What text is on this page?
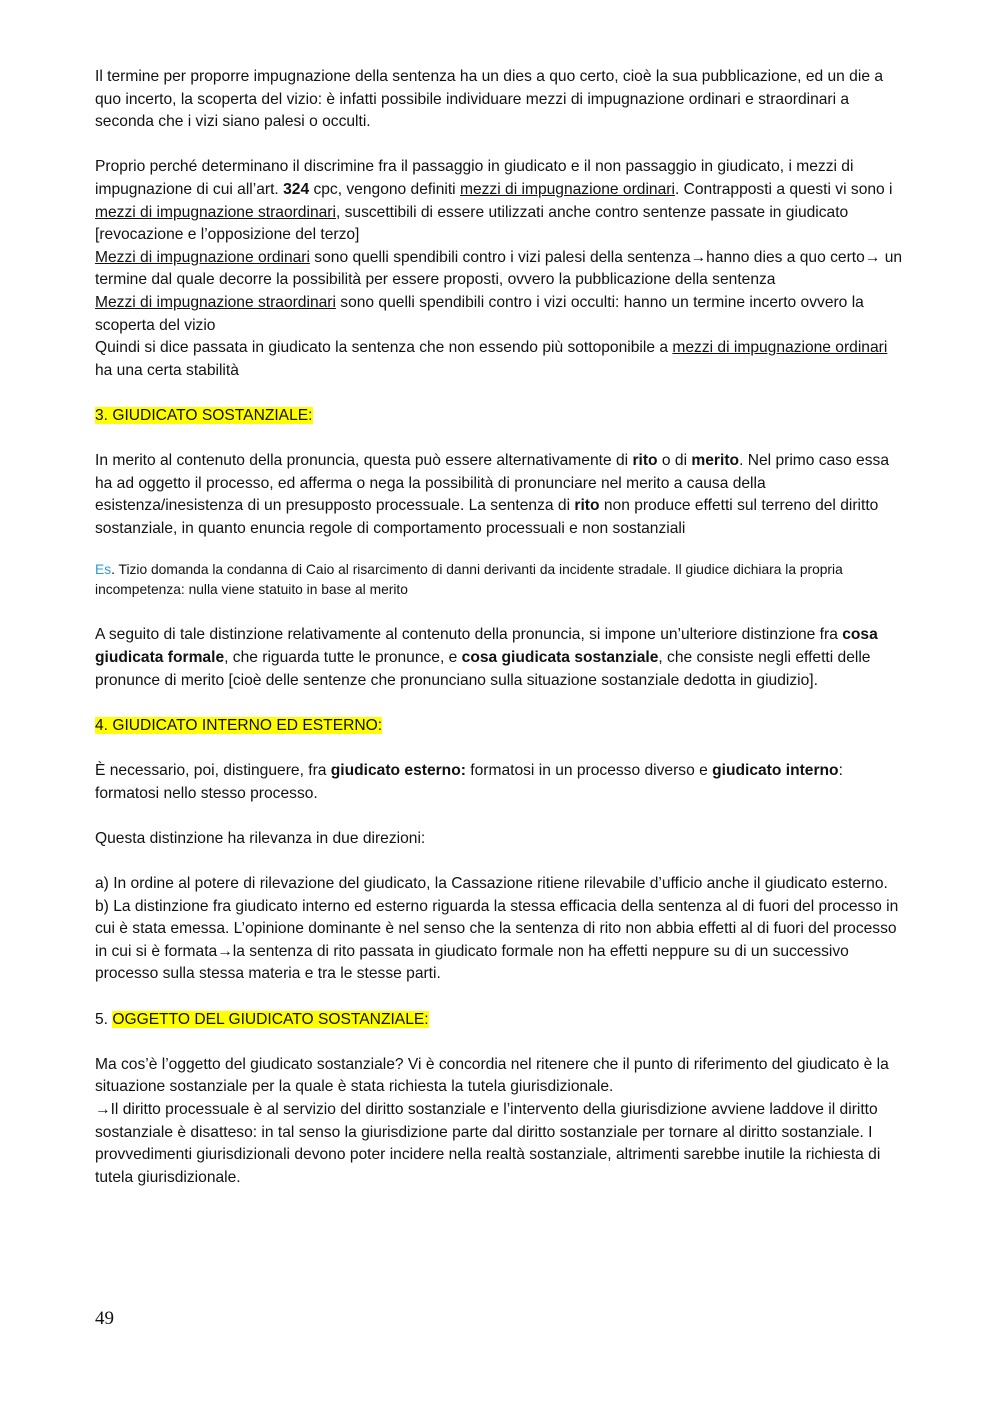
Il termine per proporre impugnazione della sentenza ha un dies a quo certo, cioè la sua pubblicazione, ed un die a quo incerto, la scoperta del vizio: è infatti possibile individuare mezzi di impugnazione ordinari e straordinari a seconda che i vizi siano palesi o occulti.

Proprio perché determinano il discrimine fra il passaggio in giudicato e il non passaggio in giudicato, i mezzi di impugnazione di cui all’art. 324 cpc, vengono definiti mezzi di impugnazione ordinari. Contrapposti a questi vi sono i mezzi di impugnazione straordinari, suscettibili di essere utilizzati anche contro sentenze passate in giudicato [revocazione e l’opposizione del terzo]

Mezzi di impugnazione ordinari sono quelli spendibili contro i vizi palesi della sentenza→hanno dies a quo certo→ un termine dal quale decorre la possibilità per essere proposti, ovvero la pubblicazione della sentenza

Mezzi di impugnazione straordinari sono quelli spendibili contro i vizi occulti: hanno un termine incerto ovvero la scoperta del vizio

Quindi si dice passata in giudicato la sentenza che non essendo più sottoponibile a mezzi di impugnazione ordinari ha una certa stabilità

3. GIUDICATO SOSTANZIALE:

In merito al contenuto della pronuncia, questa può essere alternativamente di rito o di merito. Nel primo caso essa ha ad oggetto il processo, ed afferma o nega la possibilità di pronunciare nel merito a causa della esistenza/inesistenza di un presupposto processuale. La sentenza di rito non produce effetti sul terreno del diritto sostanziale, in quanto enuncia regole di comportamento processuali e non sostanziali

Es. Tizio domanda la condanna di Caio al risarcimento di danni derivanti da incidente stradale. Il giudice dichiara la propria incompetenza: nulla viene statuito in base al merito

A seguito di tale distinzione relativamente al contenuto della pronuncia, si impone un’ulteriore distinzione fra cosa giudicata formale, che riguarda tutte le pronunce, e cosa giudicata sostanziale, che consiste negli effetti delle pronunce di merito [cioè delle sentenze che pronunciano sulla situazione sostanziale dedotta in giudizio].

4. GIUDICATO INTERNO ED ESTERNO:

È necessario, poi, distinguere, fra giudicato esterno: formatosi in un processo diverso e giudicato interno: formatosi nello stesso processo.

Questa distinzione ha rilevanza in due direzioni:

a) In ordine al potere di rilevazione del giudicato, la Cassazione ritiene rilevabile d’ufficio anche il giudicato esterno.

b) La distinzione fra giudicato interno ed esterno riguarda la stessa efficacia della sentenza al di fuori del processo in cui è stata emessa. L’opinione dominante è nel senso che la sentenza di rito non abbia effetti al di fuori del processo in cui si è formata→la sentenza di rito passata in giudicato formale non ha effetti neppure su di un successivo processo sulla stessa materia e tra le stesse parti.

5. OGGETTO DEL GIUDICATO SOSTANZIALE:

Ma cos’è l’oggetto del giudicato sostanziale? Vi è concordia nel ritenere che il punto di riferimento del giudicato è la situazione sostanziale per la quale è stata richiesta la tutela giurisdizionale.

→Il diritto processuale è al servizio del diritto sostanziale e l’intervento della giurisdizione avviene laddove il diritto sostanziale è disatteso: in tal senso la giurisdizione parte dal diritto sostanziale per tornare al diritto sostanziale. I provvedimenti giurisdizionali devono poter incidere nella realtà sostanziale, altrimenti sarebbe inutile la richiesta di tutela giurisdizionale.

49
